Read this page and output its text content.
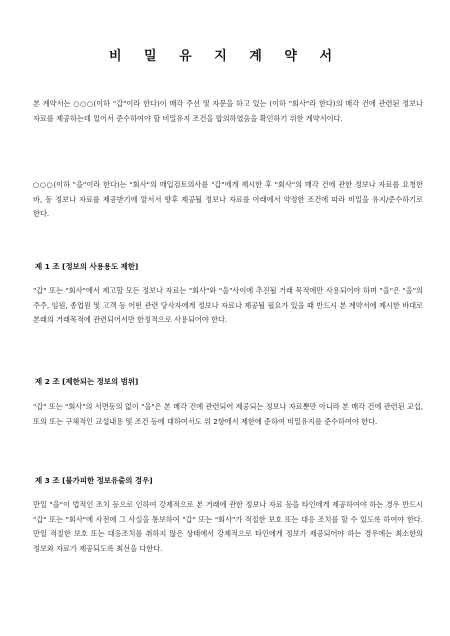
비 밀 유 지 계 약 서
본 계약서는 ○○○(이하 "갑"이라 한다)이 매각 주선 및 자문을 하고 있는 (이하 "회사"라 한다)의 매각 건에 관련된 정보나 자료를 제공하는데 있어서 준수하여야 할 비밀유지 조건을 합의하였음을 확인하기 위한 계약서이다.
○○○(이하 "을"이라 한다)는 "회사"의 매입검토의사를 "갑"에게 제시한 후 "회사"의 매각 건에 관한 정보나 자료를 요청한 바, 동 정보나 자료를 제공받기에 앞서서 향후 제공될 정보나 자료를 아래에서 약정한 조건에 따라 비밀을 유지/준수하기로 한다.
제 1 조 [정보의 사용용도 제한]
"갑" 또는 "회사"에서 제고할 모든 정보나 자료는 "회사"와 "을"사이에 추진될 거래 목적에만 사용되어야 하며 "을"은 "을"의 주주, 임원, 종업원 및 고객 등 어떤 관련 당사자에게 정보나 자료나 제공될 필요가 있을 때 반드시 본 계약서에 제시한 바대로 본래의 거래목적에 관련되어서만 한정적으로 사용되어야 한다.
제 2 조 [제한되는 정보의 범위]
"갑" 또는 "회사"의 서면동의 없이 "을"은 본 매각 건에 관련되어 제공되는 정보나 자료뿐만 아니라 본 매각 건에 관련된 교섭, 또의 또는 구체적인 교섭내용 및 조건 등에 대하여서도 위 2항에서 제한에 준하여 비밀유지를 준수하여야 한다.
제 3 조 [불가피한 정보유출의 경우]
만일 "을"이 법적인 조치 등으로 인하여 강제적으로 본 거래에 관한 정보나 자료 등을 타인에게 제공하여야 하는 경우 반드시 "갑" 또는 "회사"에 사전에 그 사실을 통보하여 "갑" 또는 "회사"가 적절한 보호 또는 대응 조치를 할 수 있도록 하여야 한다. 만일 적절한 보호 또는 대응조치를 취하지 않은 상태에서 강제적으로 타인에게 정보가 제공되어야 하는 경우에는 최소한의 정보와 자료가 제공되도록 최선을 다한다.
